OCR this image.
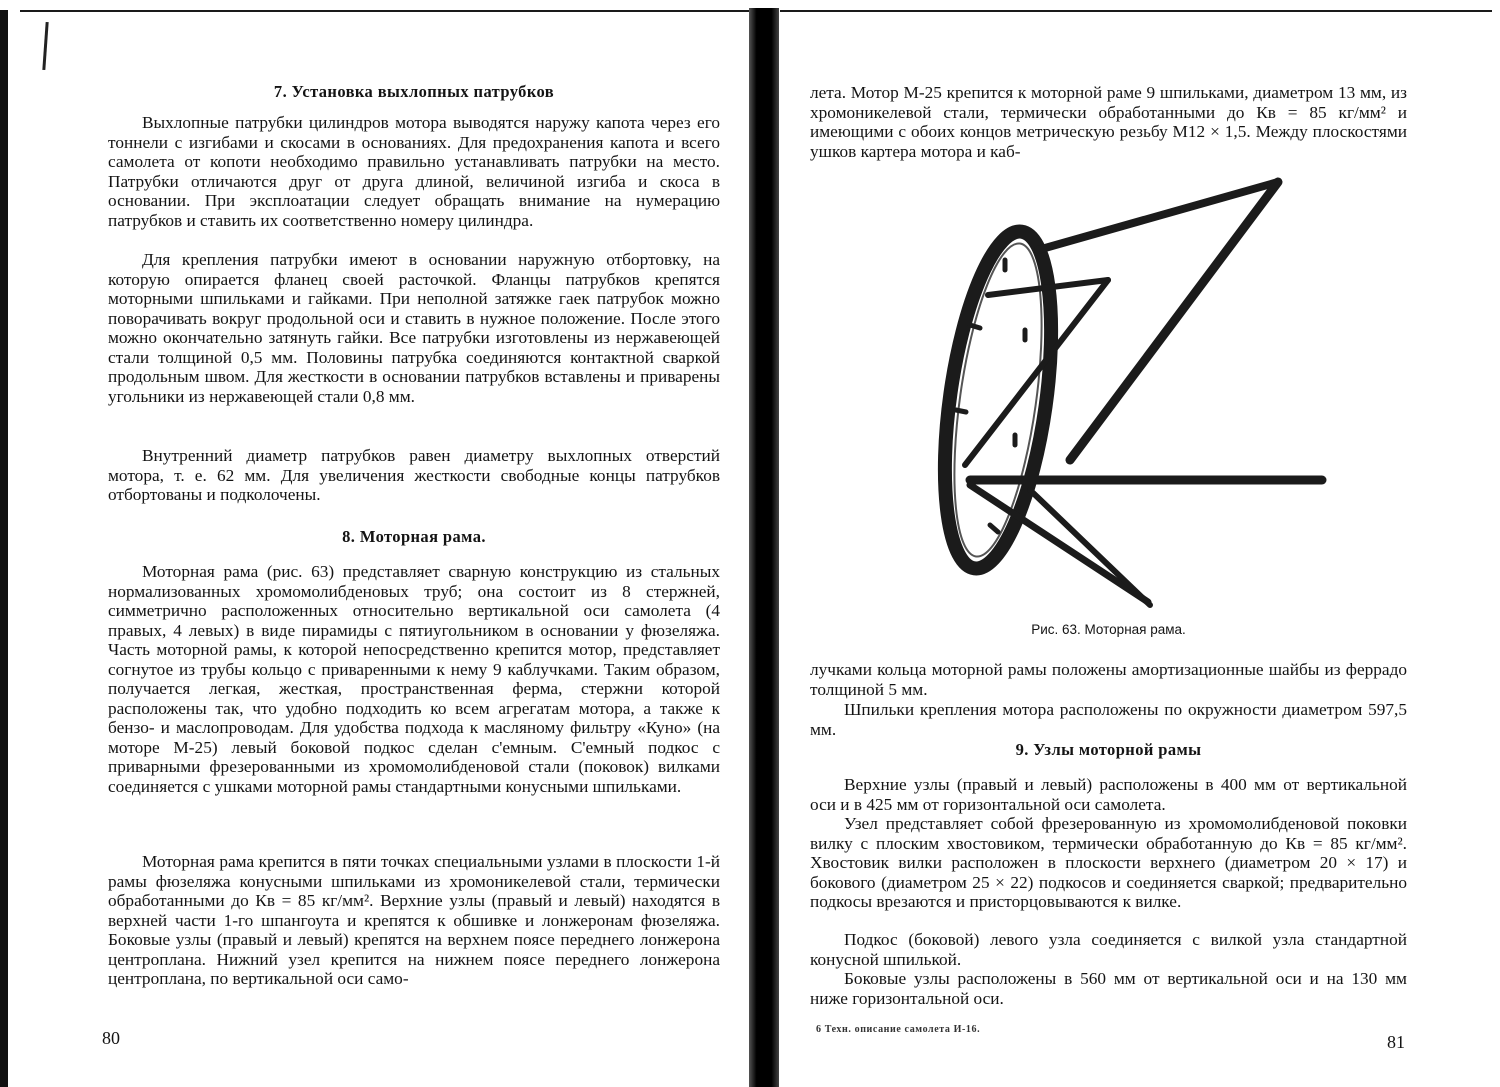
7. Установка выхлопных патрубков

Выхлопные патрубки цилиндров мотора выводятся наружу капота через его тоннели с изгибами и скосами в основаниях. Для предохранения капота и всего самолета от копоти необходимо правильно устанавливать патрубки на место. Патрубки отличаются друг от друга длиной, величиной изгиба и скоса в основании. При эксплоатации следует обращать внимание на нумерацию патрубков и ставить их соответственно номеру цилиндра.

Для крепления патрубки имеют в основании наружную отбортовку, на которую опирается фланец своей расточкой. Фланцы патрубков крепятся моторными шпильками и гайками. При неполной затяжке гаек патрубок можно поворачивать вокруг продольной оси и ставить в нужное положение. После этого можно окончательно затянуть гайки. Все патрубки изготовлены из нержавеющей стали толщиной 0,5 мм. Половины патрубка соединяются контактной сваркой продольным швом. Для жесткости в основании патрубков вставлены и приварены угольники из нержавеющей стали 0,8 мм.

Внутренний диаметр патрубков равен диаметру выхлопных отверстий мотора, т. е. 62 мм. Для увеличения жесткости свободные концы патрубков отбортованы и подколочены.

8. Моторная рама.

Моторная рама (рис. 63) представляет сварную конструкцию из стальных нормализованных хромомолибденовых труб; она состоит из 8 стержней, симметрично расположенных относительно вертикальной оси самолета (4 правых, 4 левых) в виде пирамиды с пятиугольником в основании у фюзеляжа. Часть моторной рамы, к которой непосредственно крепится мотор, представляет согнутое из трубы кольцо с приваренными к нему 9 каблучками. Таким образом, получается легкая, жесткая, пространственная ферма, стержни которой расположены так, что удобно подходить ко всем агрегатам мотора, а также к бензо- и маслопроводам. Для удобства подхода к масляному фильтру «Куно» (на моторе М-25) левый боковой подкос сделан с'емным. С'емный подкос с приварными фрезерованными из хромомолибденовой стали (поковок) вилками соединяется с ушками моторной рамы стандартными конусными шпильками.

Моторная рама крепится в пяти точках специальными узлами в плоскости 1-й рамы фюзеляжа конусными шпильками из хромоникелевой стали, термически обработанными до Кв = 85 кг/мм². Верхние узлы (правый и левый) находятся в верхней части 1-го шпангоута и крепятся к обшивке и лонжеронам фюзеляжа. Боковые узлы (правый и левый) крепятся на верхнем поясе переднего лонжерона центроплана. Нижний узел крепится на нижнем поясе переднего лонжерона центроплана, по вертикальной оси само-

80

лета. Мотор М-25 крепится к моторной раме 9 шпильками, диаметром 13 мм, из хромоникелевой стали, термически обработанными до Кв = 85 кг/мм² и имеющими с обоих концов метрическую резьбу М12 × 1,5. Между плоскостями ушков картера мотора и каб-

Рис. 63. Моторная рама.

лучками кольца моторной рамы положены амортизационные шайбы из феррадо толщиной 5 мм.

Шпильки крепления мотора расположены по окружности диаметром 597,5 мм.

9. Узлы моторной рамы

Верхние узлы (правый и левый) расположены в 400 мм от вертикальной оси и в 425 мм от горизонтальной оси самолета.

Узел представляет собой фрезерованную из хромомолибденовой поковки вилку с плоским хвостовиком, термически обработанную до Кв = 85 кг/мм². Хвостовик вилки расположен в плоскости верхнего (диаметром 20 × 17) и бокового (диаметром 25 × 22) подкосов и соединяется сваркой; предварительно подкосы врезаются и присторцовываются к вилке.

Подкос (боковой) левого узла соединяется с вилкой узла стандартной конусной шпилькой.

Боковые узлы расположены в 560 мм от вертикальной оси и на 130 мм ниже горизонтальной оси.

6 Техн. описание самолета И-16.
81
